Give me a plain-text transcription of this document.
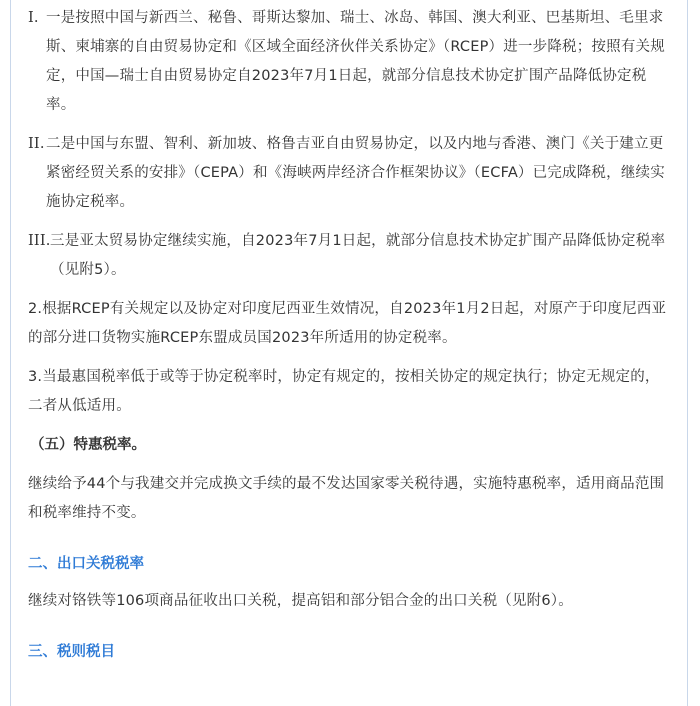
I. 一是按照中国与新西兰、秘鲁、哥斯达黎加、瑞士、冰岛、韩国、澳大利亚、巴基斯坦、毛里求斯、柬埔寨的自由贸易协定和《区域全面经济伙伴关系协定》（RCEP）进一步降税；按照有关规定，中国—瑞士自由贸易协定自2023年7月1日起，就部分信息技术协定扩围产品降低协定税率。
II. 二是中国与东盟、智利、新加坡、格鲁吉亚自由贸易协定，以及内地与香港、澳门《关于建立更紧密经贸关系的安排》（CEPA）和《海峡两岸经济合作框架协议》（ECFA）已完成降税，继续实施协定税率。
III. 三是亚太贸易协定继续实施，自2023年7月1日起，就部分信息技术协定扩围产品降低协定税率（见附5）。
2.根据RCEP有关规定以及协定对印度尼西亚生效情况，自2023年1月2日起，对原产于印度尼西亚的部分进口货物实施RCEP东盟成员国2023年所适用的协定税率。
3.当最惠国税率低于或等于协定税率时，协定有规定的，按相关协定的规定执行；协定无规定的，二者从低适用。
（五）特惠税率。
继续给予44个与我建交并完成换文手续的最不发达国家零关税待遇，实施特惠税率，适用商品范围和税率维持不变。
二、出口关税税率
继续对铬铁等106项商品征收出口关税，提高铝和部分铝合金的出口关税（见附6）。
三、税则税目
